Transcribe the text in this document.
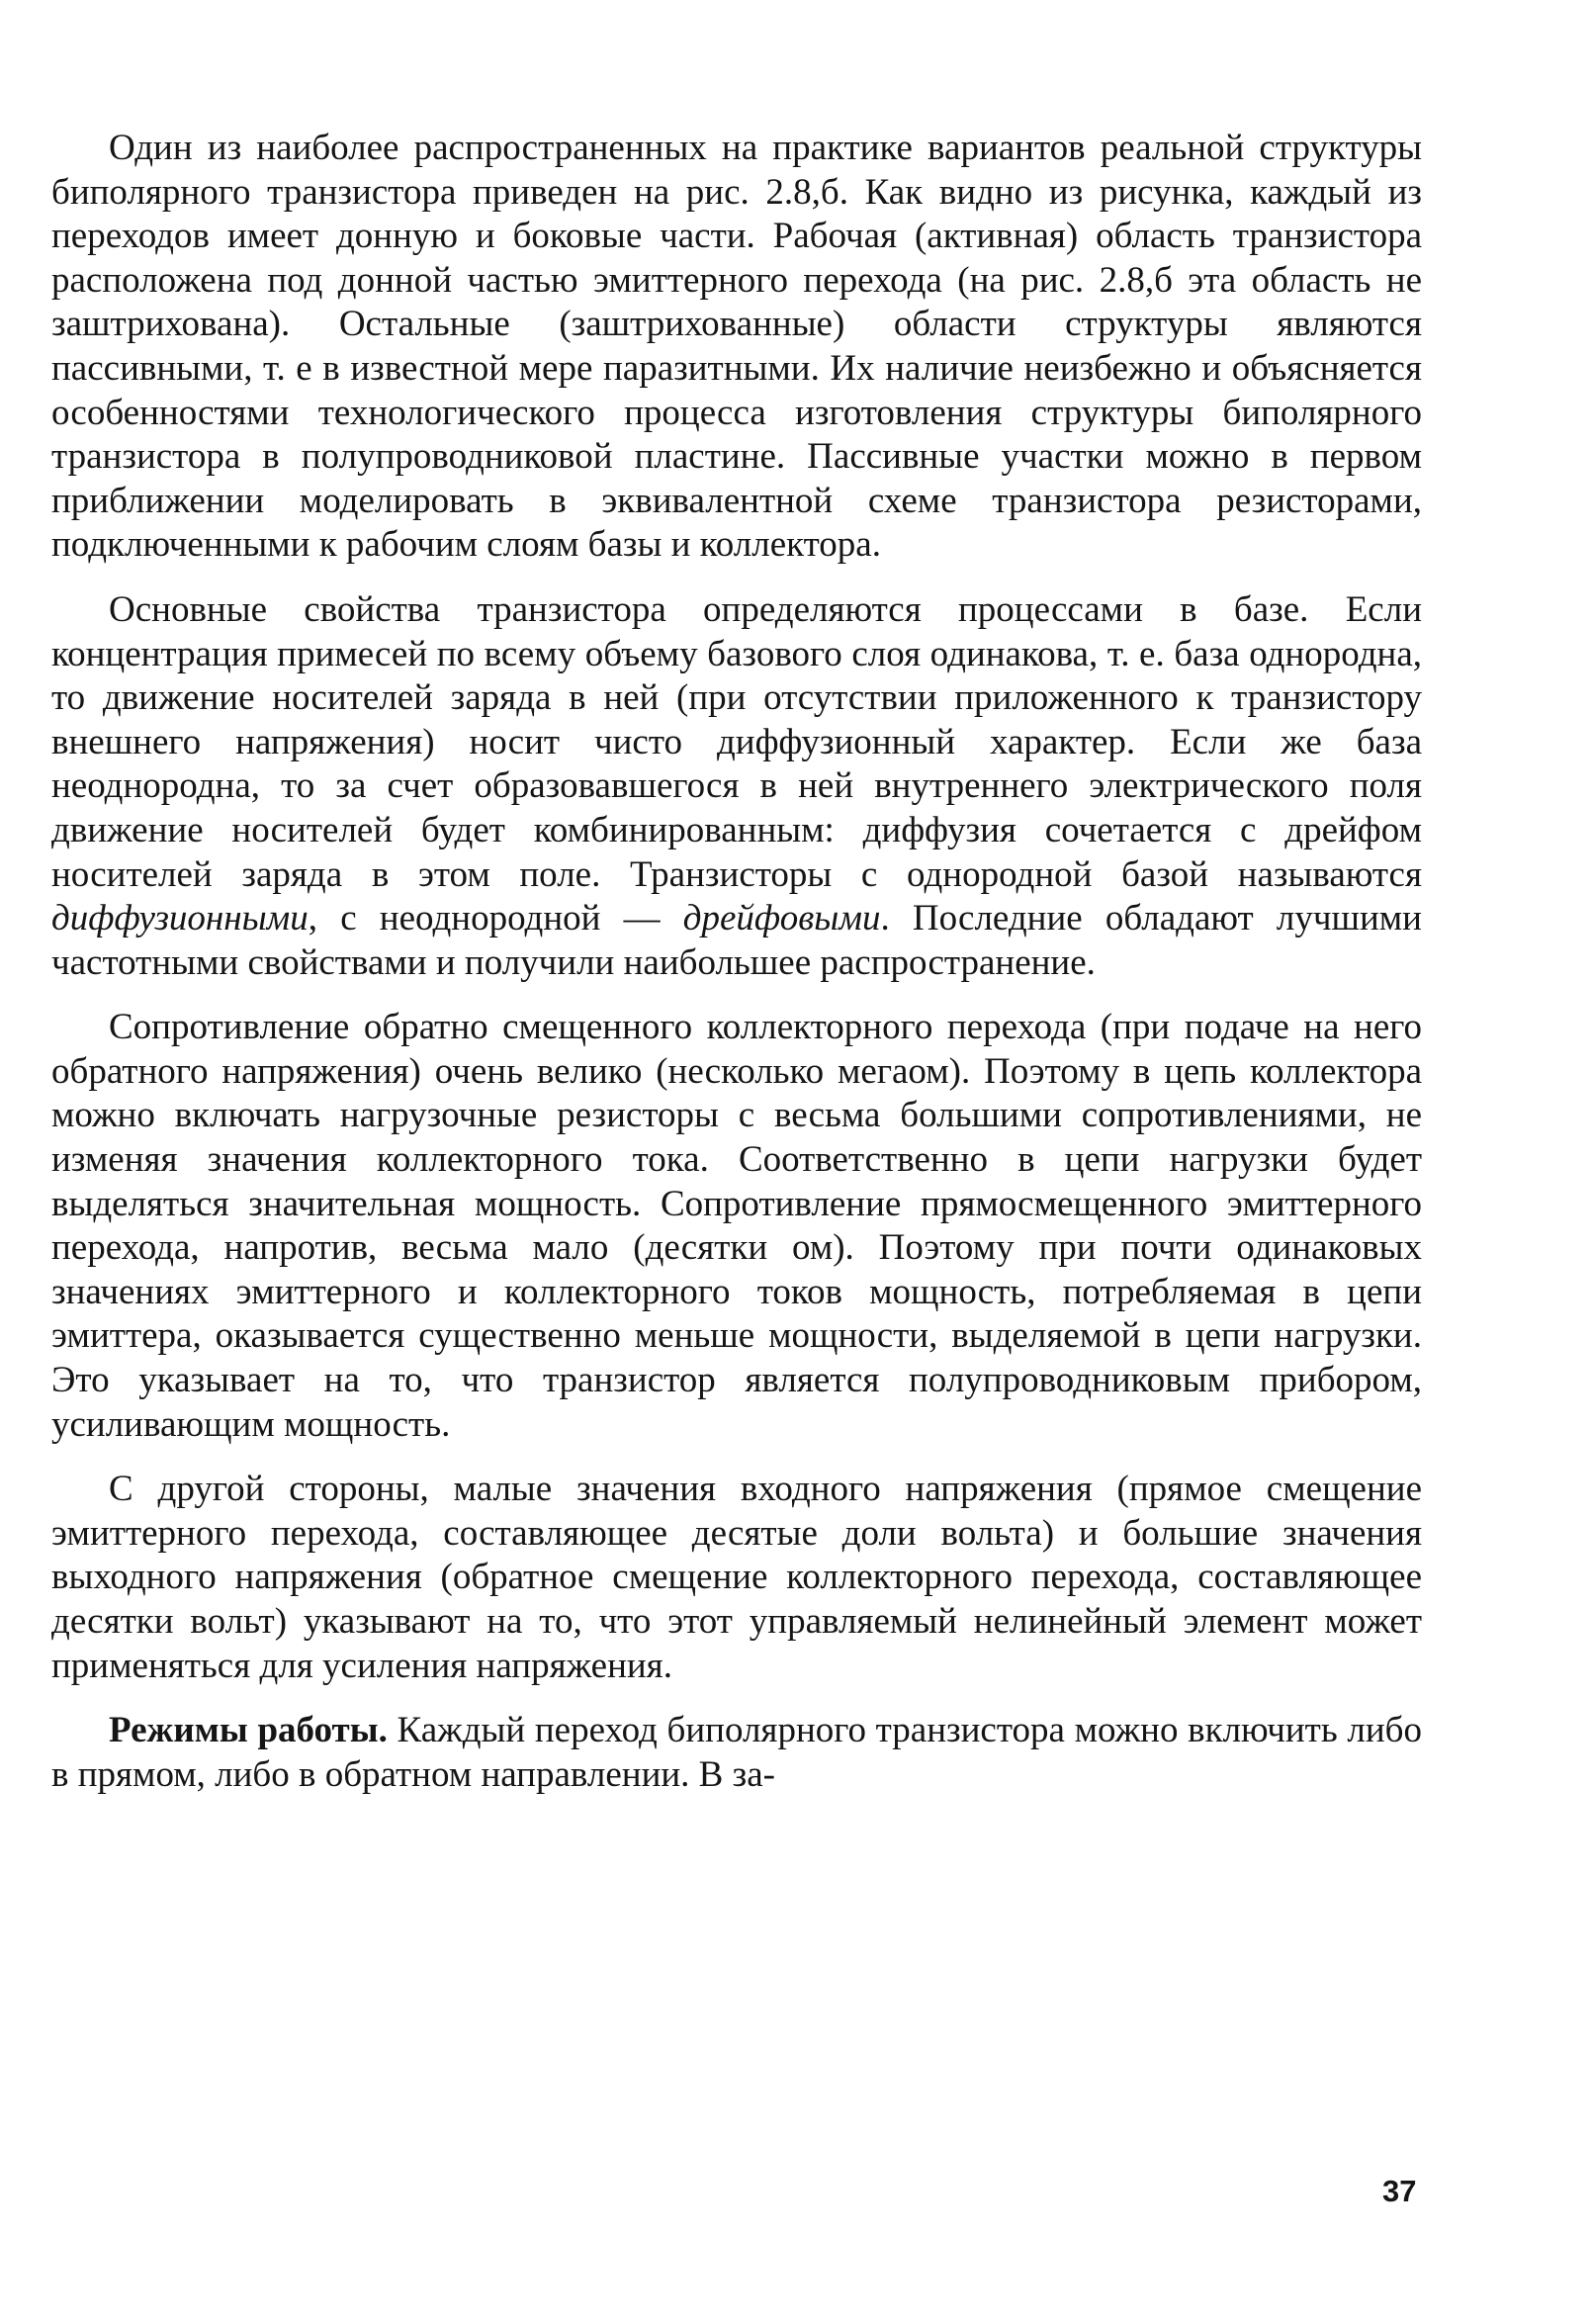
Один из наиболее распространенных на практике вариантов реальной структуры биполярного транзистора приведен на рис. 2.8,б. Как видно из рисунка, каждый из переходов имеет донную и боковые части. Рабочая (активная) область транзистора расположена под донной частью эмиттерного перехода (на рис. 2.8,б эта область не заштрихована). Остальные (заштрихованные) области структуры являются пассивными, т. е в известной мере паразитными. Их наличие неизбежно и объясняется особенностями технологического процесса изготовления структуры биполярного транзистора в полупроводниковой пластине. Пассивные участки можно в первом приближении моделировать в эквивалентной схеме транзистора резисторами, подключенными к рабочим слоям базы и коллектора.

Основные свойства транзистора определяются процессами в базе. Если концентрация примесей по всему объему базового слоя одинакова, т. е. база однородна, то движение носителей заряда в ней (при отсутствии приложенного к транзистору внешнего напряжения) носит чисто диффузионный характер. Если же база неоднородна, то за счет образовавшегося в ней внутреннего электрического поля движение носителей будет комбинированным: диффузия сочетается с дрейфом носителей заряда в этом поле. Транзисторы с однородной базой называются диффузионными, с неоднородной — дрейфовыми. Последние обладают лучшими частотными свойствами и получили наибольшее распространение.

Сопротивление обратно смещенного коллекторного перехода (при подаче на него обратного напряжения) очень велико (несколько мегаом). Поэтому в цепь коллектора можно включать нагрузочные резисторы с весьма большими сопротивлениями, не изменяя значения коллекторного тока. Соответственно в цепи нагрузки будет выделяться значительная мощность. Сопротивление прямосмещенного эмиттерного перехода, напротив, весьма мало (десятки ом). Поэтому при почти одинаковых значениях эмиттерного и коллекторного токов мощность, потребляемая в цепи эмиттера, оказывается существенно меньше мощности, выделяемой в цепи нагрузки. Это указывает на то, что транзистор является полупроводниковым прибором, усиливающим мощность.

С другой стороны, малые значения входного напряжения (прямое смещение эмиттерного перехода, составляющее десятые доли вольта) и большие значения выходного напряжения (обратное смещение коллекторного перехода, составляющее десятки вольт) указывают на то, что этот управляемый нелинейный элемент может применяться для усиления напряжения.

Режимы работы. Каждый переход биполярного транзистора можно включить либо в прямом, либо в обратном направлении. В за-

37
